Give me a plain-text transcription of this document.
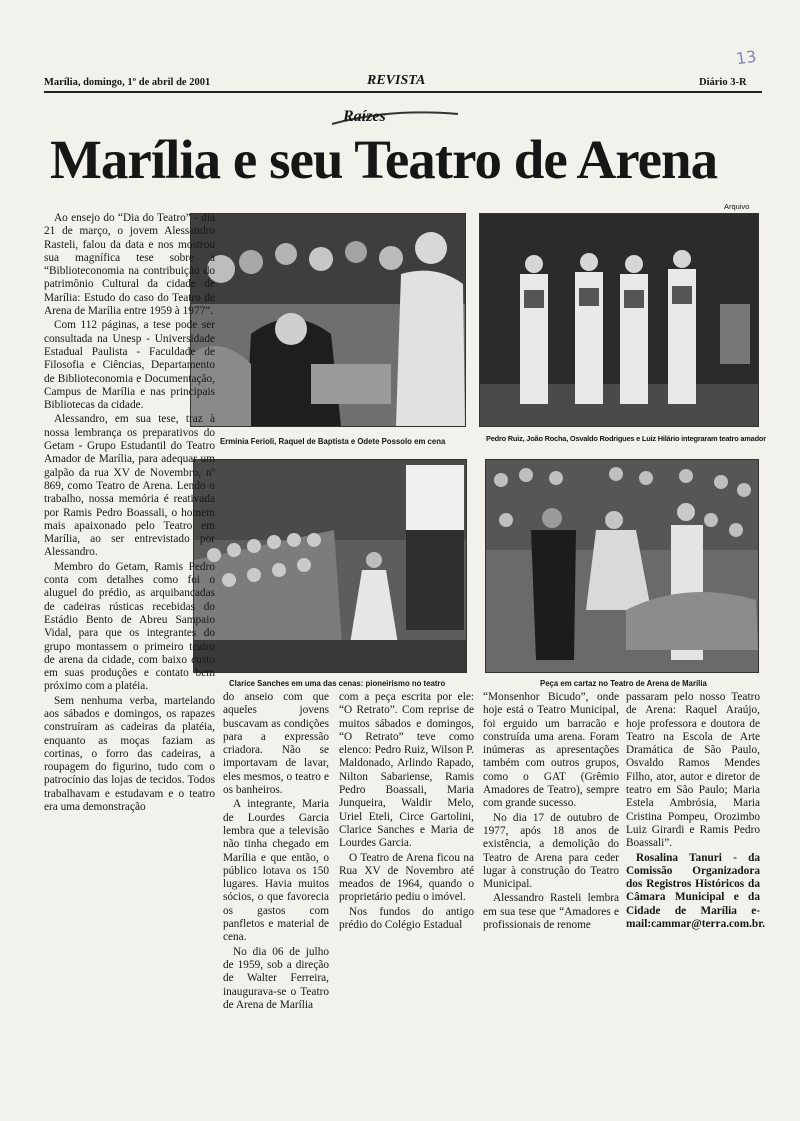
13
Marília, domingo, 1º de abril de 2001	REVISTA	Diário 3-R
Raízes
Marília e seu Teatro de Arena
Arquivo
Ermínia Ferioli, Raquel de Baptista e Odete Possolo em cena	Pedro Ruiz, João Rocha, Osvaldo Rodrigues e Luiz Hilário integraram teatro amador
Clarice Sanches em uma das cenas: pioneirismo no teatro	Peça em cartaz no Teatro de Arena de Marília

Ao ensejo do “Dia do Teatro” - dia 21 de março, o jovem Alessandro Rasteli, falou da data e nos mostrou sua magnífica tese sobre a “Biblioteconomia na contribuição do patrimônio Cultural da cidade de Marília: Estudo do caso do Teatro de Arena de Marília entre 1959 à 1977”.

Com 112 páginas, a tese pode ser consultada na Unesp - Universidade Estadual Paulista - Faculdade de Filosofia e Ciências, Departamento de Biblioteconomia e Documentação, Campus de Marília e nas principais Bibliotecas da cidade.

Alessandro, em sua tese, traz à nossa lembrança os preparativos do Getam - Grupo Estudantil do Teatro Amador de Marília, para adequar um galpão da rua XV de Novembro, nº 869, como Teatro de Arena. Lendo o trabalho, nossa memória é reativada por Ramis Pedro Boassali, o homem mais apaixonado pelo Teatro em Marília, ao ser entrevistado por Alessandro.

Membro do Getam, Ramis Pedro conta com detalhes como foi o aluguel do prédio, as arquibancadas de cadeiras rústicas recebidas do Estádio Bento de Abreu Sampaio Vidal, para que os integrantes do grupo montassem o primeiro teatro de arena da cidade, com baixo custo em suas produções e contato bem próximo com a platéia.

Sem nenhuma verba, martelando aos sábados e domingos, os rapazes construíram as cadeiras da platéia, enquanto as moças faziam as cortinas, o forro das cadeiras, a roupagem do figurino, tudo com o patrocínio das lojas de tecidos. Todos trabalhavam e estudavam e o teatro era uma demonstração

do anseio com que aqueles jovens buscavam as condições para a expressão criadora. Não se importavam de lavar, eles mesmos, o teatro e os banheiros.

A integrante, Maria de Lourdes Garcia lembra que a televisão não tinha chegado em Marília e que então, o público lotava os 150 lugares. Havia muitos sócios, o que favorecia os gastos com panfletos e material de cena.

No dia 06 de julho de 1959, sob a direção de Walter Ferreira, inaugurava-se o Teatro de Arena de Marília

com a peça escrita por ele: “O Retrato”. Com reprise de muitos sábados e domingos, “O Retrato” teve como elenco: Pedro Ruiz, Wilson P. Maldonado, Arlindo Rapado, Nilton Sabariense, Ramis Pedro Boassali, Maria Junqueira, Waldir Melo, Uriel Eteli, Circe Gartolini, Clarice Sanches e Maria de Lourdes Garcia.

O Teatro de Arena ficou na Rua XV de Novembro até meados de 1964, quando o proprietário pediu o imóvel.

Nos fundos do antigo prédio do Colégio Estadual

“Monsenhor Bicudo”, onde hoje está o Teatro Municipal, foi erguido um barracão e construída uma arena. Foram inúmeras as apresentações também com outros grupos, como o GAT (Grêmio Amadores de Teatro), sempre com grande sucesso.

No dia 17 de outubro de 1977, após 18 anos de existência, a demolição do Teatro de Arena para ceder lugar à construção do Teatro Municipal.

Alessandro Rasteli lembra em sua tese que “Amadores e profissionais de renome

passaram pelo nosso Teatro de Arena: Raquel Araújo, hoje professora e doutora de Teatro na Escola de Arte Dramática de São Paulo, Osvaldo Ramos Mendes Filho, ator, autor e diretor de teatro em São Paulo; Maria Estela Ambrósia, Maria Cristina Pompeu, Orozimbo Luiz Girardi e Ramis Pedro Boassali”.

Rosalina Tanuri - da Comissão Organizadora dos Registros Históricos da Câmara Municipal e da Cidade de Marília e-mail:cammar@terra.com.br.
